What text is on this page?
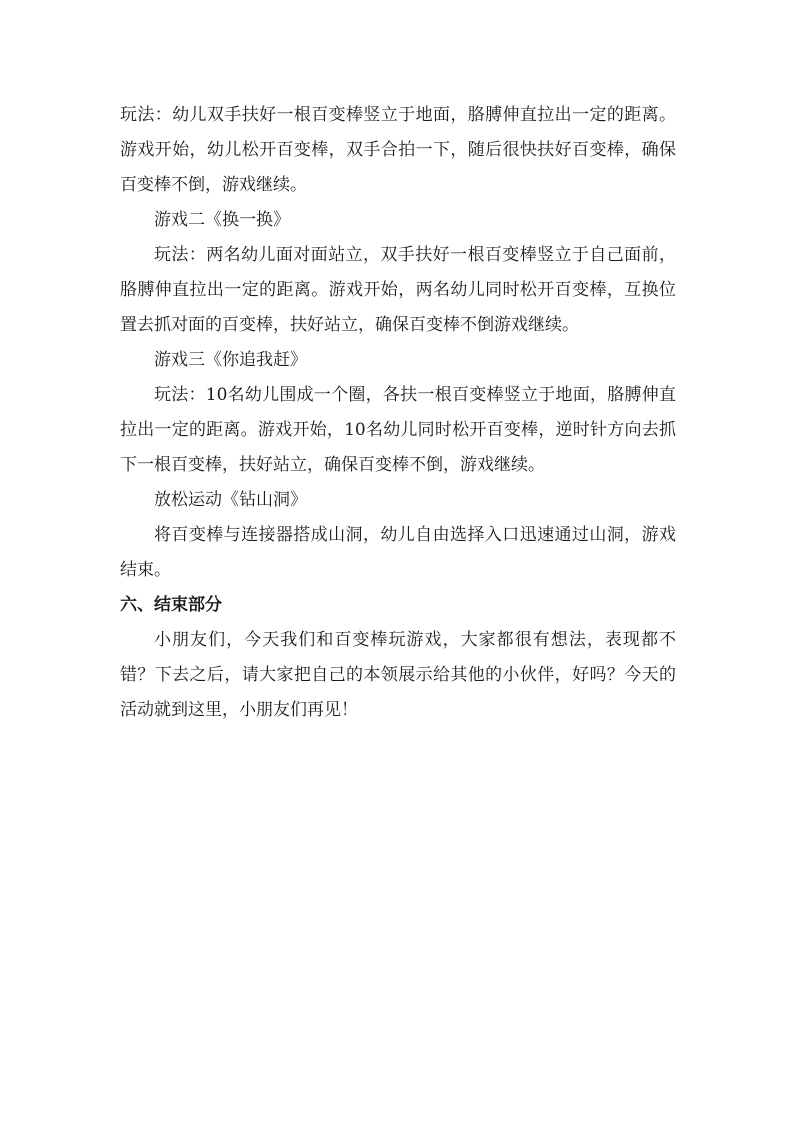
玩法：幼儿双手扶好一根百变棒竖立于地面，胳膊伸直拉出一定的距离。游戏开始，幼儿松开百变棒，双手合拍一下，随后很快扶好百变棒，确保百变棒不倒，游戏继续。

游戏二《换一换》

玩法：两名幼儿面对面站立，双手扶好一根百变棒竖立于自己面前，胳膊伸直拉出一定的距离。游戏开始，两名幼儿同时松开百变棒，互换位置去抓对面的百变棒，扶好站立，确保百变棒不倒游戏继续。

游戏三《你追我赶》

玩法：10名幼儿围成一个圈，各扶一根百变棒竖立于地面，胳膊伸直拉出一定的距离。游戏开始，10名幼儿同时松开百变棒，逆时针方向去抓下一根百变棒，扶好站立，确保百变棒不倒，游戏继续。

放松运动《钻山洞》

将百变棒与连接器搭成山洞，幼儿自由选择入口迅速通过山洞，游戏结束。

六、结束部分

小朋友们，今天我们和百变棒玩游戏，大家都很有想法，表现都不错？下去之后，请大家把自己的本领展示给其他的小伙伴，好吗？今天的活动就到这里，小朋友们再见！
